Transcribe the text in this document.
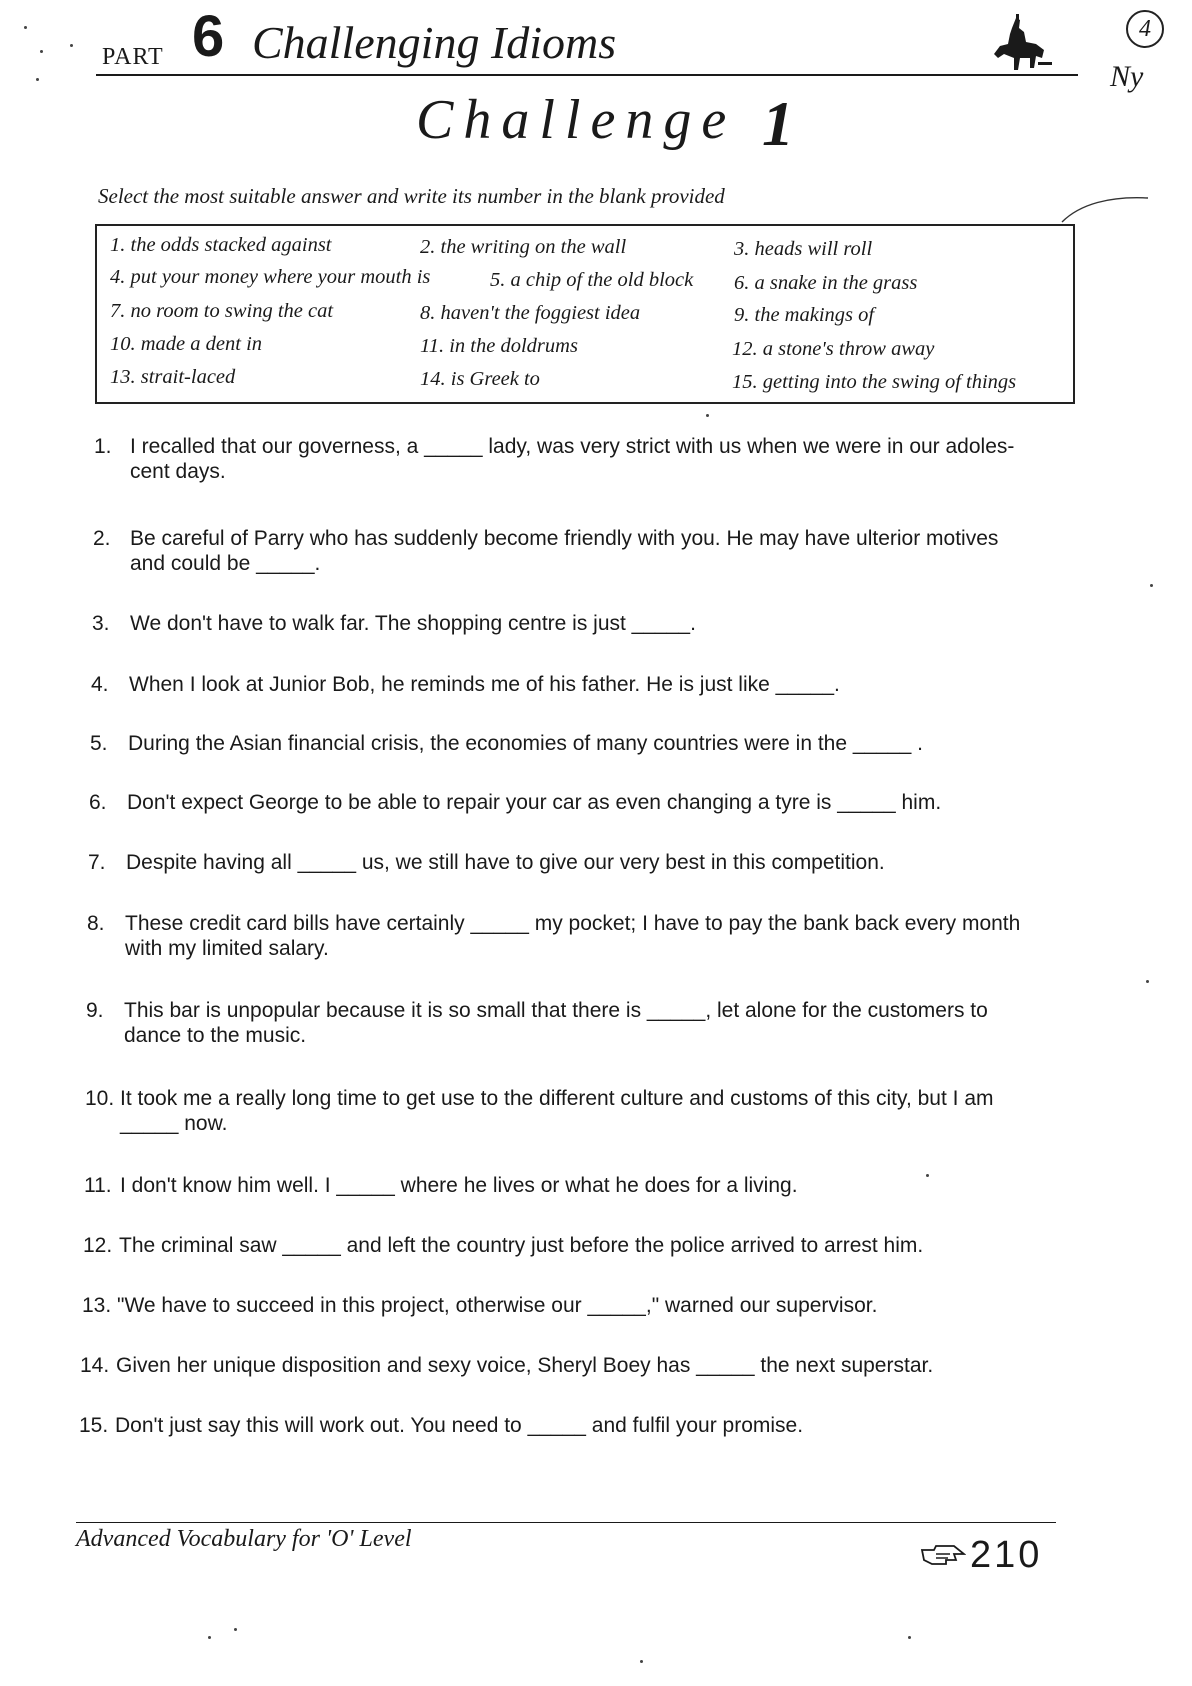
PART 6 Challenging Idioms	4
Ny
Challenge 1
Select the most suitable answer and write its number in the blank provided
1. the odds stacked against	2. the writing on the wall	3. heads will roll
4. put your money where your mouth is	5. a chip of the old block 6. a snake in the grass
7. no room to swing the cat	8. haven't the foggiest idea	9. the makings of
10. made a dent in	11. in the doldrums	12. a stone's throw away
13. strait-laced	14. is Greek to	15. getting into the swing of things
1. I recalled that our governess, a _____ lady, was very strict with us when we were in our adoles-
cent days.
2. Be careful of Parry who has suddenly become friendly with you. He may have ulterior motives
and could be _____.
3. We don't have to walk far. The shopping centre is just _____.
4. When I look at Junior Bob, he reminds me of his father. He is just like _____.
5. During the Asian financial crisis, the economies of many countries were in the _____ .
6. Don't expect George to be able to repair your car as even changing a tyre is _____ him.
7. Despite having all _____ us, we still have to give our very best in this competition.
8. These credit card bills have certainly _____ my pocket; I have to pay the bank back every month
with my limited salary.
9. This bar is unpopular because it is so small that there is _____, let alone for the customers to
dance to the music.
10. It took me a really long time to get use to the different culture and customs of this city, but I am
_____ now.
11. I don't know him well. I _____ where he lives or what he does for a living.
12. The criminal saw _____ and left the country just before the police arrived to arrest him.
13. "We have to succeed in this project, otherwise our _____," warned our supervisor.
14. Given her unique disposition and sexy voice, Sheryl Boey has _____ the next superstar.
15. Don't just say this will work out. You need to _____ and fulfil your promise.
Advanced Vocabulary for 'O' Level	210
